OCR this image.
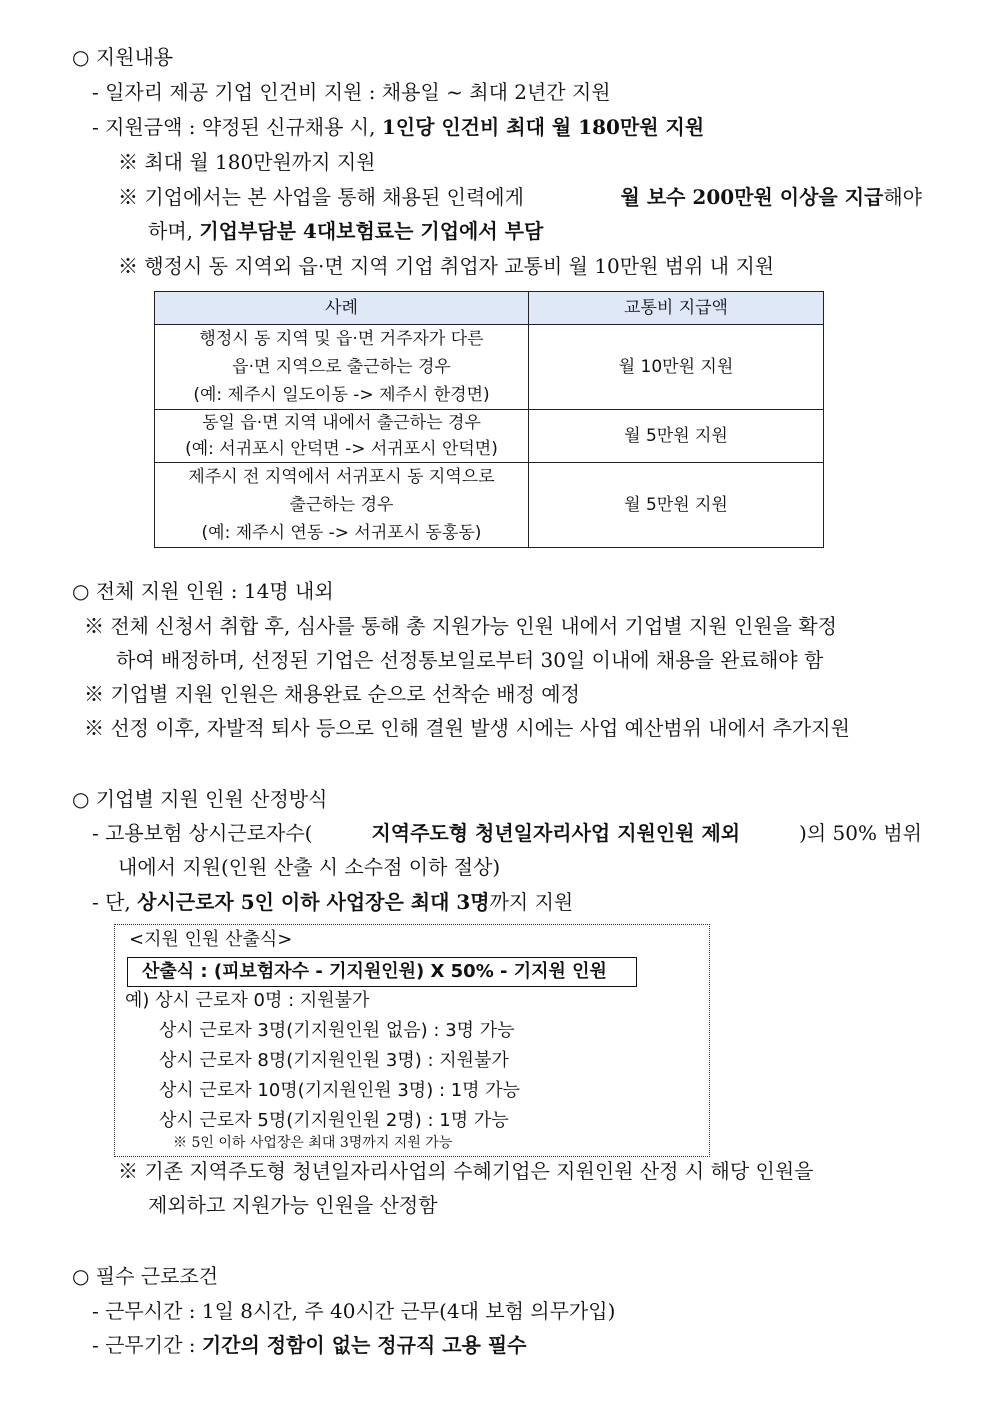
○ 지원내용
- 일자리 제공 기업 인건비 지원 : 채용일 ~ 최대 2년간 지원
- 지원금액 : 약정된 신규채용 시, 1인당 인건비 최대 월 180만원 지원
※ 최대 월 180만원까지 지원
※ 기업에서는 본 사업을 통해 채용된 인력에게	월 보수 200만원 이상을 지급해야
하며, 기업부담분 4대보험료는 기업에서 부담
※ 행정시 동 지역외 읍·면 지역 기업 취업자 교통비 월 10만원 범위 내 지원
사례	교통비 지급액

행정시 동 지역 및 읍·면 거주자가 다른
읍·면 지역으로 출근하는 경우
(예: 제주시 일도이동 -> 제주시 한경면)	월 10만원 지원

동일 읍·면 지역 내에서 출근하는 경우
(예: 서귀포시 안덕면 -> 서귀포시 안덕면)	월 5만원 지원

제주시 전 지역에서 서귀포시 동 지역으로
출근하는 경우
(예: 제주시 연동 -> 서귀포시 동홍동)	월 5만원 지원
○ 전체 지원 인원 : 14명 내외
※ 전체 신청서 취합 후, 심사를 통해 총 지원가능 인원 내에서 기업별 지원 인원을 확정
하여 배정하며, 선정된 기업은 선정통보일로부터 30일 이내에 채용을 완료해야 함
※ 기업별 지원 인원은 채용완료 순으로 선착순 배정 예정
※ 선정 이후, 자발적 퇴사 등으로 인해 결원 발생 시에는 사업 예산범위 내에서 추가지원
○ 기업별 지원 인원 산정방식
- 고용보험 상시근로자수(	지역주도형 청년일자리사업 지원인원 제외	)의 50% 범위
내에서 지원(인원 산출 시 소수점 이하 절상)
- 단, 상시근로자 5인 이하 사업장은 최대 3명까지 지원
<지원 인원 산출식>
산출식 : (피보험자수 - 기지원인원) X 50% - 기지원 인원
예) 상시 근로자 0명 : 지원불가
상시 근로자 3명(기지원인원 없음) : 3명 가능
상시 근로자 8명(기지원인원 3명) : 지원불가
상시 근로자 10명(기지원인원 3명) : 1명 가능
상시 근로자 5명(기지원인원 2명) : 1명 가능
※ 5인 이하 사업장은 최대 3명까지 지원 가능
※ 기존 지역주도형 청년일자리사업의 수혜기업은 지원인원 산정 시 해당 인원을
제외하고 지원가능 인원을 산정함
○ 필수 근로조건
- 근무시간 : 1일 8시간, 주 40시간 근무(4대 보험 의무가입)
- 근무기간 : 기간의 정함이 없는 정규직 고용 필수
